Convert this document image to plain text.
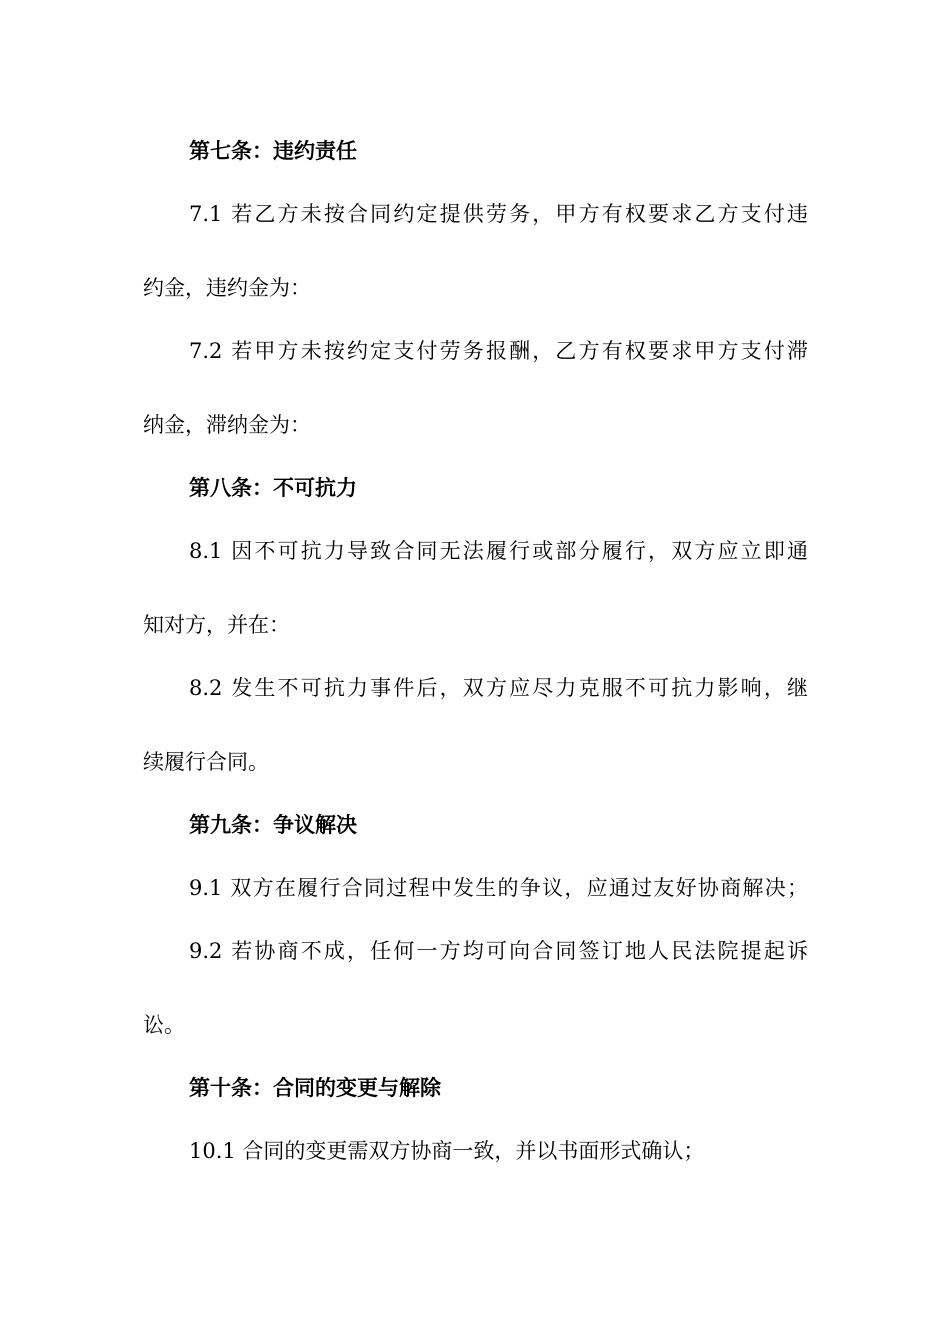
第七条：违约责任
7.1 若乙方未按合同约定提供劳务，甲方有权要求乙方支付违
约金，违约金为：
7.2 若甲方未按约定支付劳务报酬，乙方有权要求甲方支付滞
纳金，滞纳金为：
第八条：不可抗力
8.1 因不可抗力导致合同无法履行或部分履行，双方应立即通
知对方，并在：
8.2 发生不可抗力事件后，双方应尽力克服不可抗力影响，继
续履行合同。
第九条：争议解决
9.1 双方在履行合同过程中发生的争议，应通过友好协商解决；
9.2 若协商不成，任何一方均可向合同签订地人民法院提起诉
讼。
第十条：合同的变更与解除
10.1 合同的变更需双方协商一致，并以书面形式确认；
